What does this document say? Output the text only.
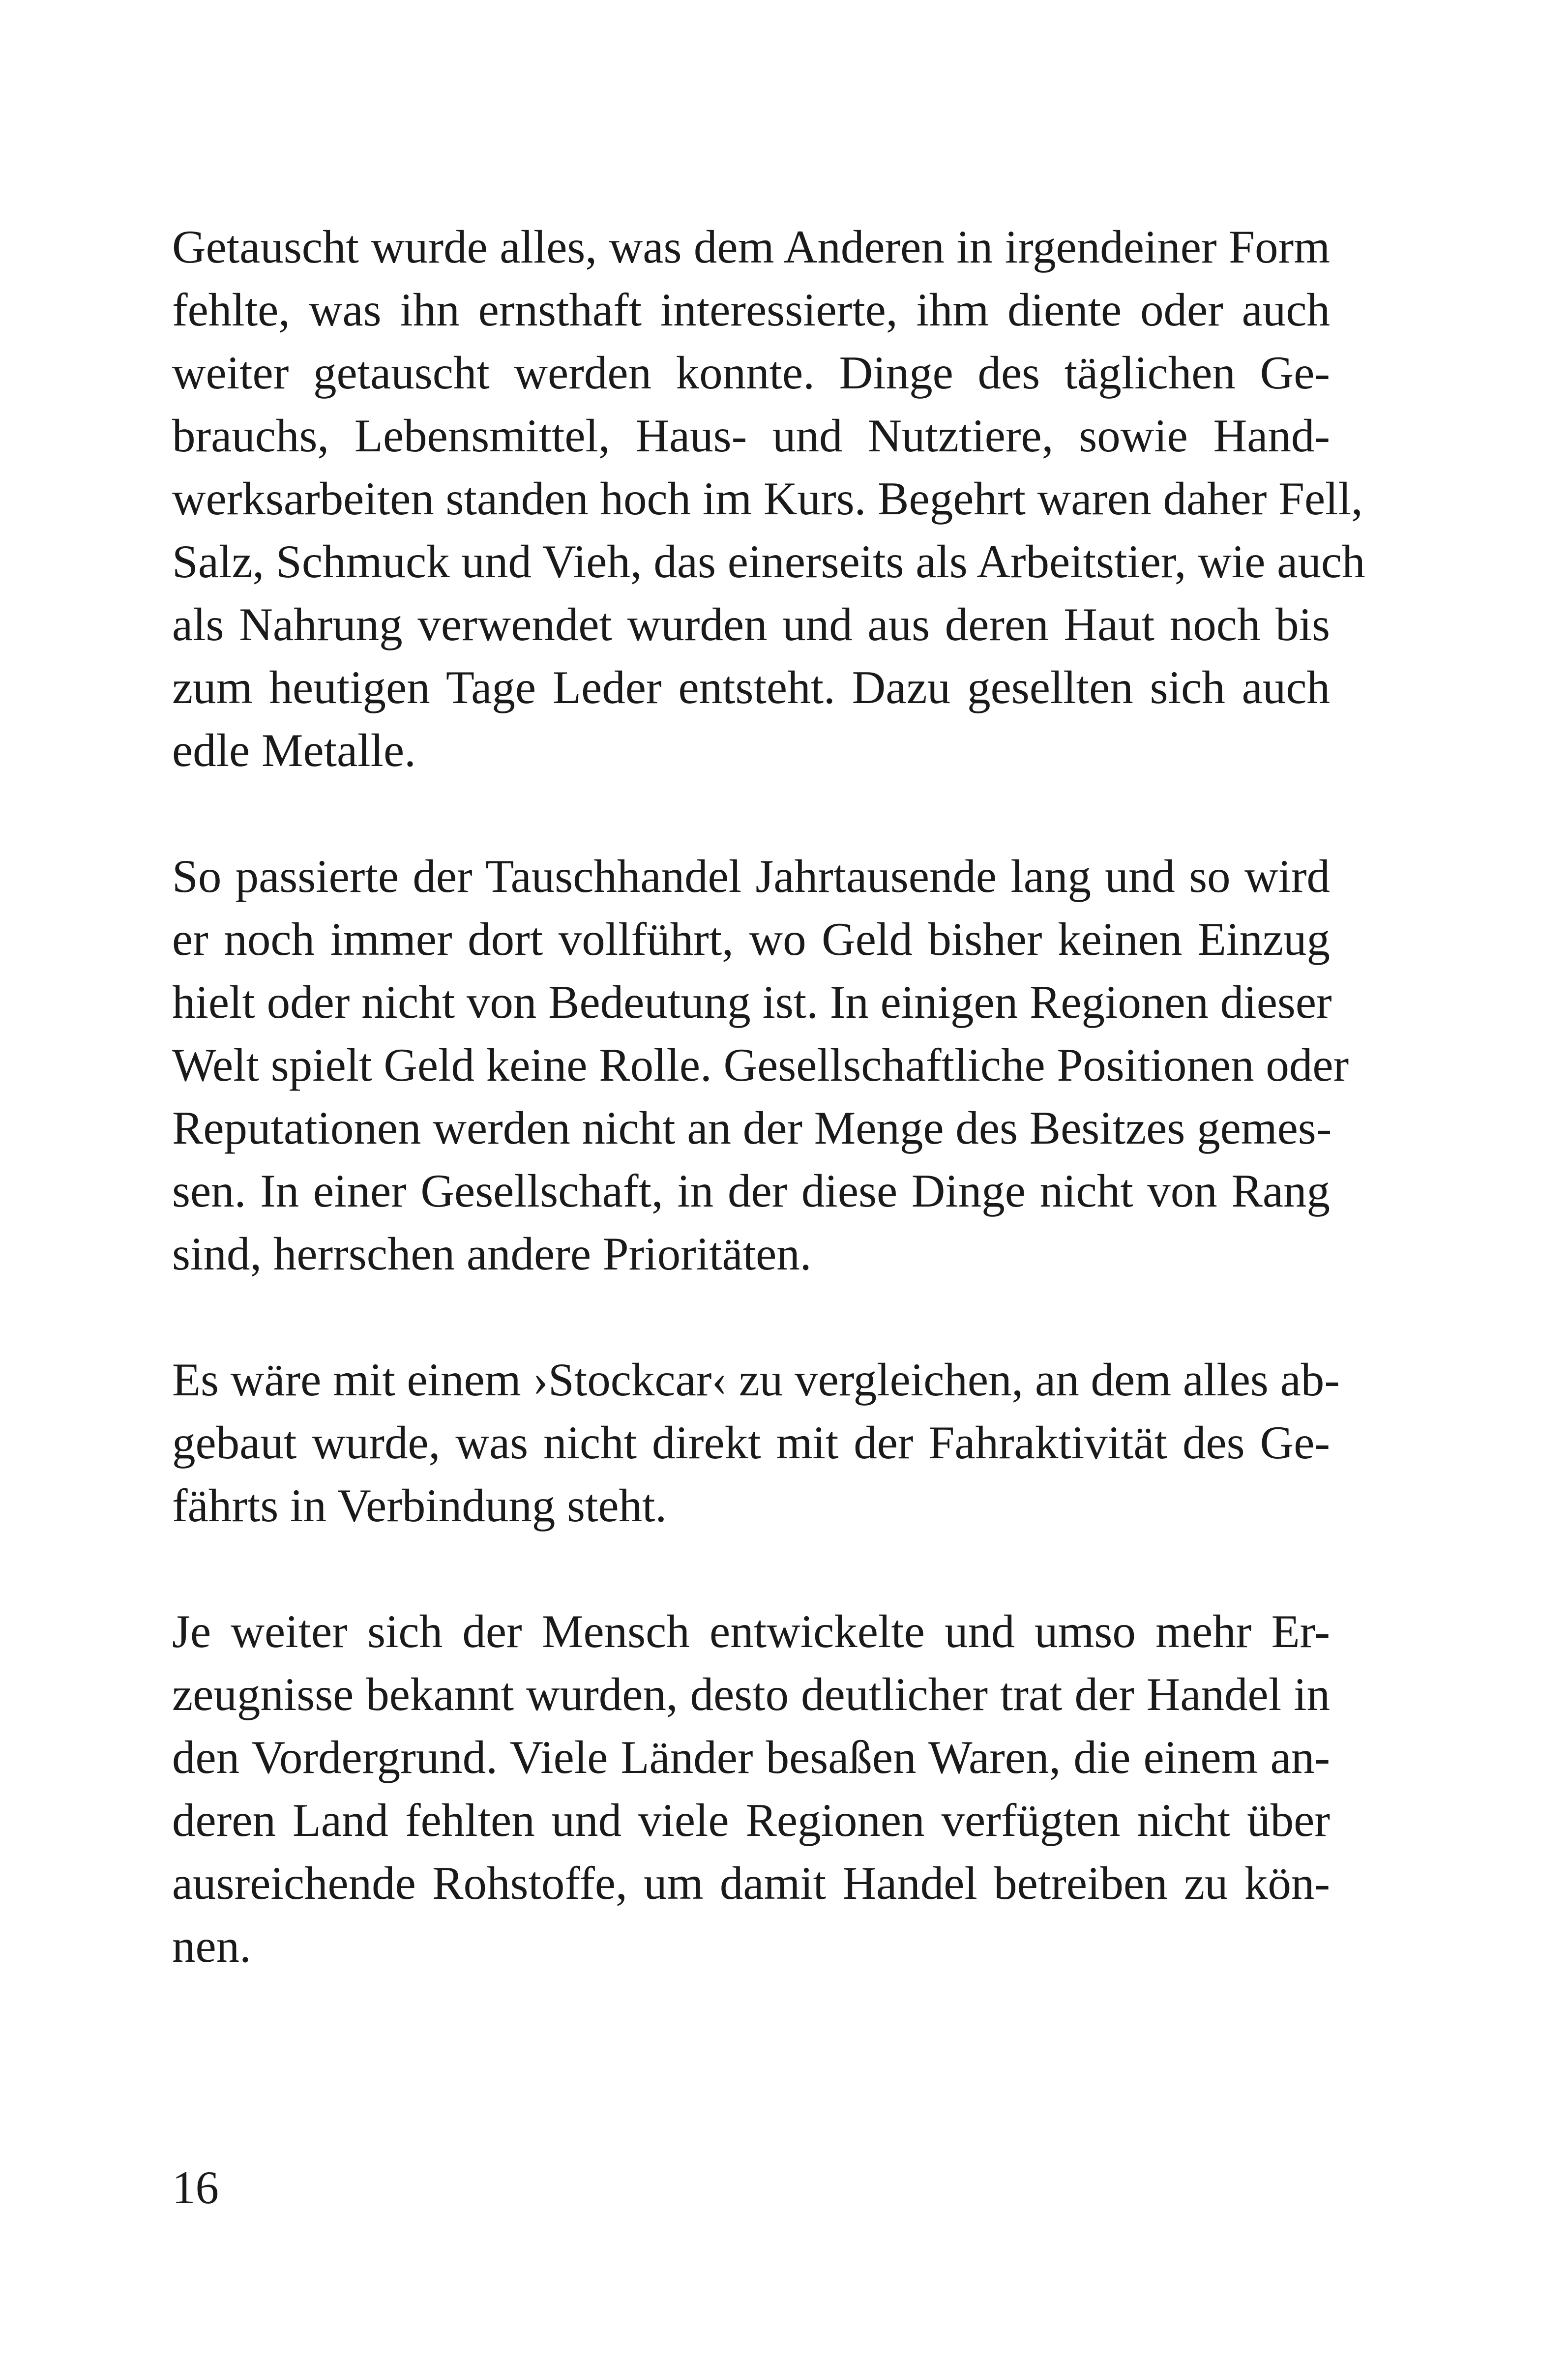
Getauscht wurde alles, was dem Anderen in irgendeiner Form
fehlte, was ihn ernsthaft interessierte, ihm diente oder auch
weiter getauscht werden konnte. Dinge des täglichen Ge-
brauchs, Lebensmittel, Haus- und Nutztiere, sowie Hand-
werksarbeiten standen hoch im Kurs. Begehrt waren daher Fell,
Salz, Schmuck und Vieh, das einerseits als Arbeitstier, wie auch
als Nahrung verwendet wurden und aus deren Haut noch bis
zum heutigen Tage Leder entsteht. Dazu gesellten sich auch
edle Metalle.

So passierte der Tauschhandel Jahrtausende lang und so wird
er noch immer dort vollführt, wo Geld bisher keinen Einzug
hielt oder nicht von Bedeutung ist. In einigen Regionen dieser
Welt spielt Geld keine Rolle. Gesellschaftliche Positionen oder
Reputationen werden nicht an der Menge des Besitzes gemes-
sen. In einer Gesellschaft, in der diese Dinge nicht von Rang
sind, herrschen andere Prioritäten.

Es wäre mit einem ›Stockcar‹ zu vergleichen, an dem alles ab-
gebaut wurde, was nicht direkt mit der Fahraktivität des Ge-
fährts in Verbindung steht.

Je weiter sich der Mensch entwickelte und umso mehr Er-
zeugnisse bekannt wurden, desto deutlicher trat der Handel in
den Vordergrund. Viele Länder besaßen Waren, die einem an-
deren Land fehlten und viele Regionen verfügten nicht über
ausreichende Rohstoffe, um damit Handel betreiben zu kön-
nen.

16
